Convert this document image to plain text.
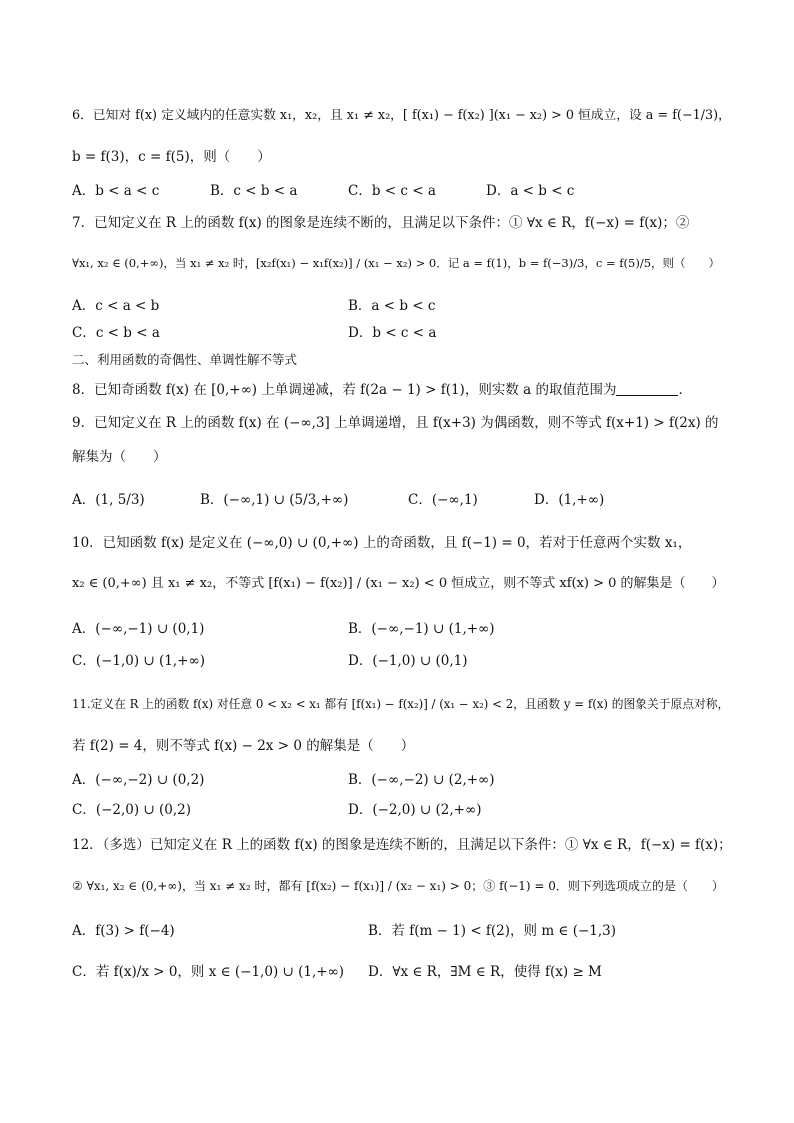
6．已知对 f(x) 定义域内的任意实数 x₁，x₂，且 x₁ ≠ x₂，[ f(x₁) − f(x₂) ](x₁ − x₂) > 0 恒成立，设 a = f(−1/3)，
b = f(3)，c = f(5)，则（　　）
A．b < a < c	B．c < b < a	C．b < c < a	D．a < b < c
7．已知定义在 R 上的函数 f(x) 的图象是连续不断的，且满足以下条件：① ∀x ∈ R，f(−x) = f(x)；②
∀x₁, x₂ ∈ (0,+∞)，当 x₁ ≠ x₂ 时，[x₂f(x₁) − x₁f(x₂)] / (x₁ − x₂) > 0．记 a = f(1)，b = f(−3)/3，c = f(5)/5，则（　　）
A．c < a < b	B．a < b < c
C．c < b < a	D．b < c < a
二、利用函数的奇偶性、单调性解不等式
8．已知奇函数 f(x) 在 [0,+∞) 上单调递减，若 f(2a − 1) > f(1)，则实数 a 的取值范围为	．
9．已知定义在 R 上的函数 f(x) 在 (−∞,3] 上单调递增，且 f(x+3) 为偶函数，则不等式 f(x+1) > f(2x) 的
解集为（　　）
A．(1, 5/3)	B．(−∞,1) ∪ (5/3,+∞)	C．(−∞,1)	D．(1,+∞)
10．已知函数 f(x) 是定义在 (−∞,0) ∪ (0,+∞) 上的奇函数，且 f(−1) = 0，若对于任意两个实数 x₁，
x₂ ∈ (0,+∞) 且 x₁ ≠ x₂，不等式 [f(x₁) − f(x₂)] / (x₁ − x₂) < 0 恒成立，则不等式 xf(x) > 0 的解集是（　　）
A．(−∞,−1) ∪ (0,1)	B．(−∞,−1) ∪ (1,+∞)
C．(−1,0) ∪ (1,+∞)	D．(−1,0) ∪ (0,1)
11.定义在 R 上的函数 f(x) 对任意 0 < x₂ < x₁ 都有 [f(x₁) − f(x₂)] / (x₁ − x₂) < 2，且函数 y = f(x) 的图象关于原点对称，
若 f(2) = 4，则不等式 f(x) − 2x > 0 的解集是（　　）
A．(−∞,−2) ∪ (0,2)	B．(−∞,−2) ∪ (2,+∞)
C．(−2,0) ∪ (0,2)	D．(−2,0) ∪ (2,+∞)
12．（多选）已知定义在 R 上的函数 f(x) 的图象是连续不断的，且满足以下条件：① ∀x ∈ R，f(−x) = f(x)；
② ∀x₁, x₂ ∈ (0,+∞)，当 x₁ ≠ x₂ 时，都有 [f(x₂) − f(x₁)] / (x₂ − x₁) > 0；③ f(−1) = 0．则下列选项成立的是（　　）
A．f(3) > f(−4)	B．若 f(m − 1) < f(2)，则 m ∈ (−1,3)
C．若 f(x)/x > 0，则 x ∈ (−1,0) ∪ (1,+∞) D．∀x ∈ R，∃M ∈ R，使得 f(x) ≥ M
